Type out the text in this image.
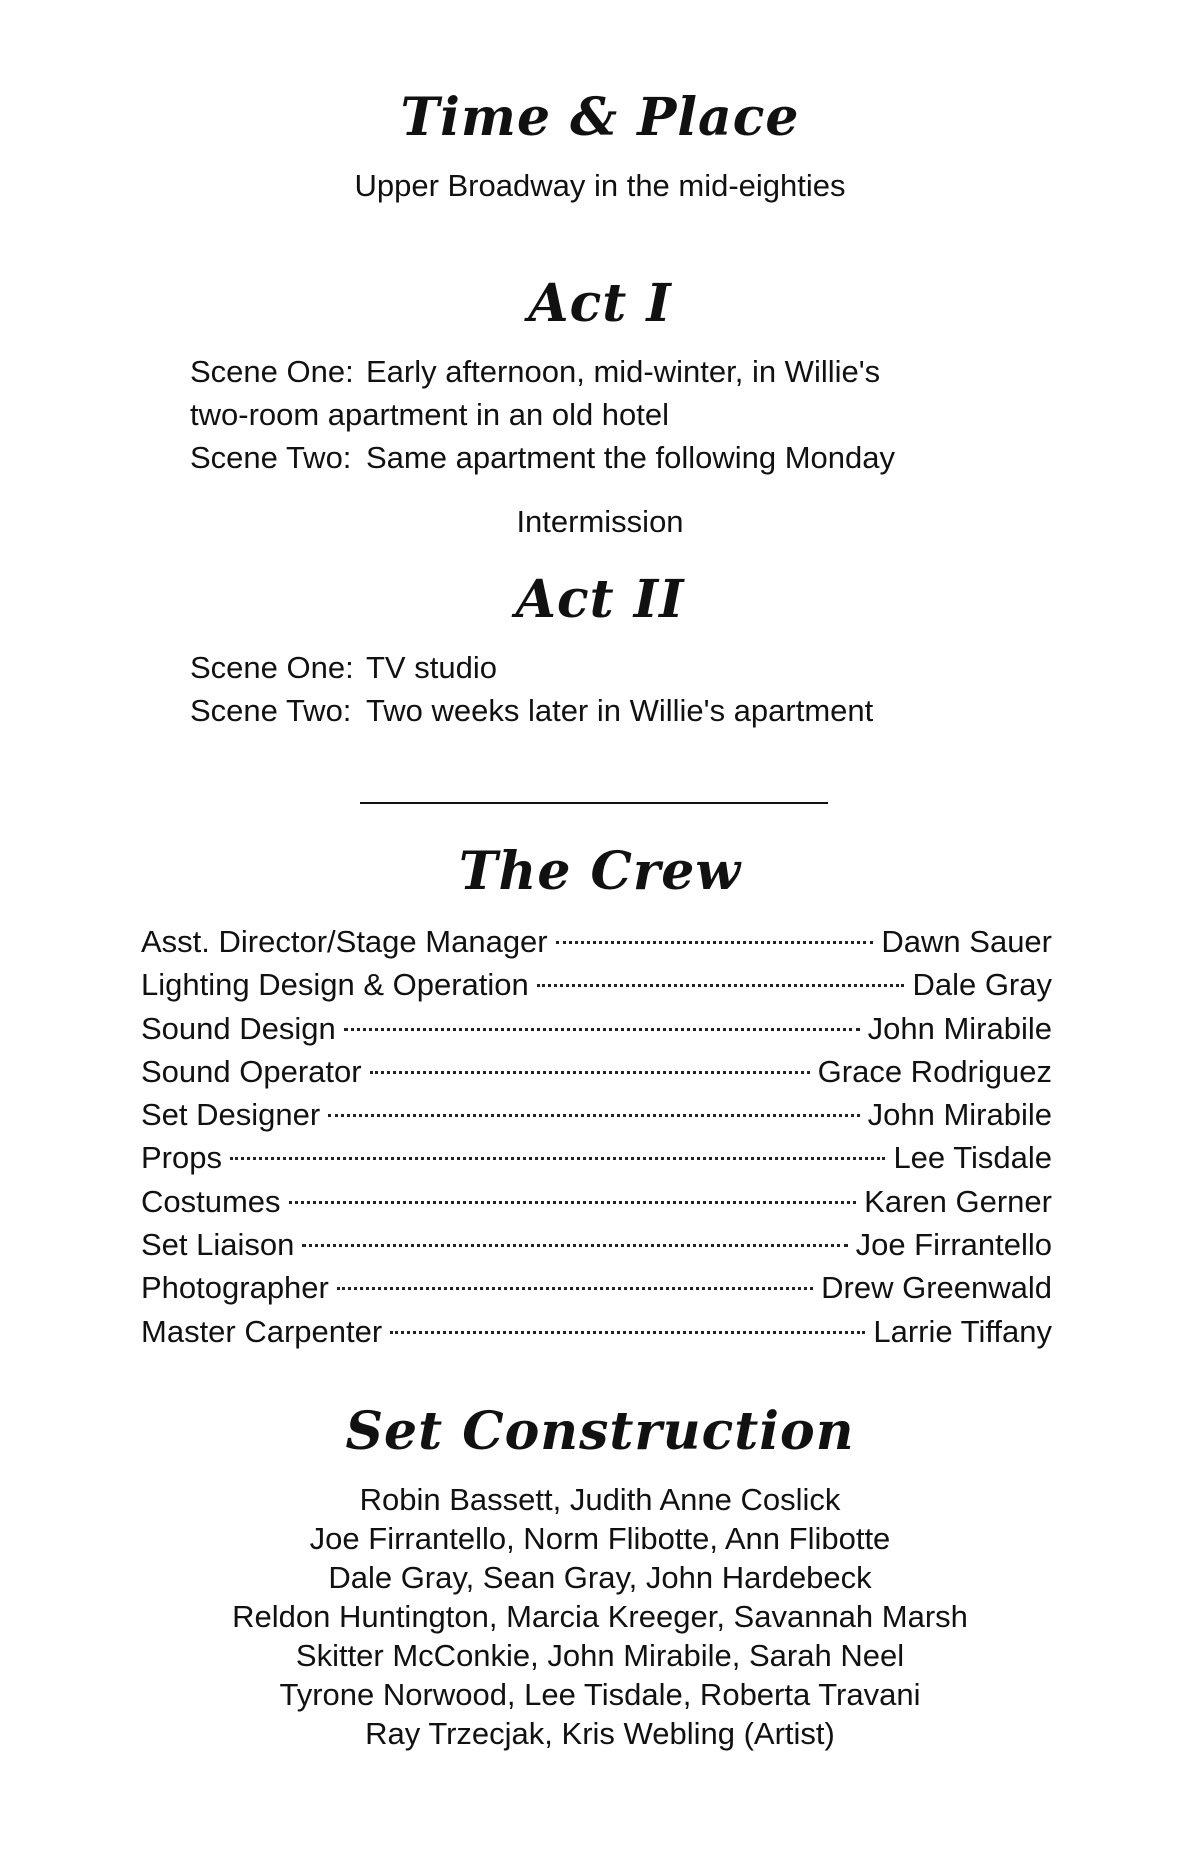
Time & Place
Upper Broadway in the mid-eighties
Act I
Scene One: Early afternoon, mid-winter, in Willie's
two-room apartment in an old hotel
Scene Two: Same apartment the following Monday
Intermission
Act II
Scene One: TV studio
Scene Two: Two weeks later in Willie's apartment
The Crew
Asst. Director/Stage Manager	Dawn Sauer
Lighting Design & Operation	Dale Gray
Sound Design	John Mirabile
Sound Operator	Grace Rodriguez
Set Designer	John Mirabile
Props	Lee Tisdale
Costumes	Karen Gerner
Set Liaison	Joe Firrantello
Photographer	Drew Greenwald
Master Carpenter	Larrie Tiffany
Set Construction
Robin Bassett, Judith Anne Coslick
Joe Firrantello, Norm Flibotte, Ann Flibotte
Dale Gray, Sean Gray, John Hardebeck
Reldon Huntington, Marcia Kreeger, Savannah Marsh
Skitter McConkie, John Mirabile, Sarah Neel
Tyrone Norwood, Lee Tisdale, Roberta Travani
Ray Trzecjak, Kris Webling (Artist)
